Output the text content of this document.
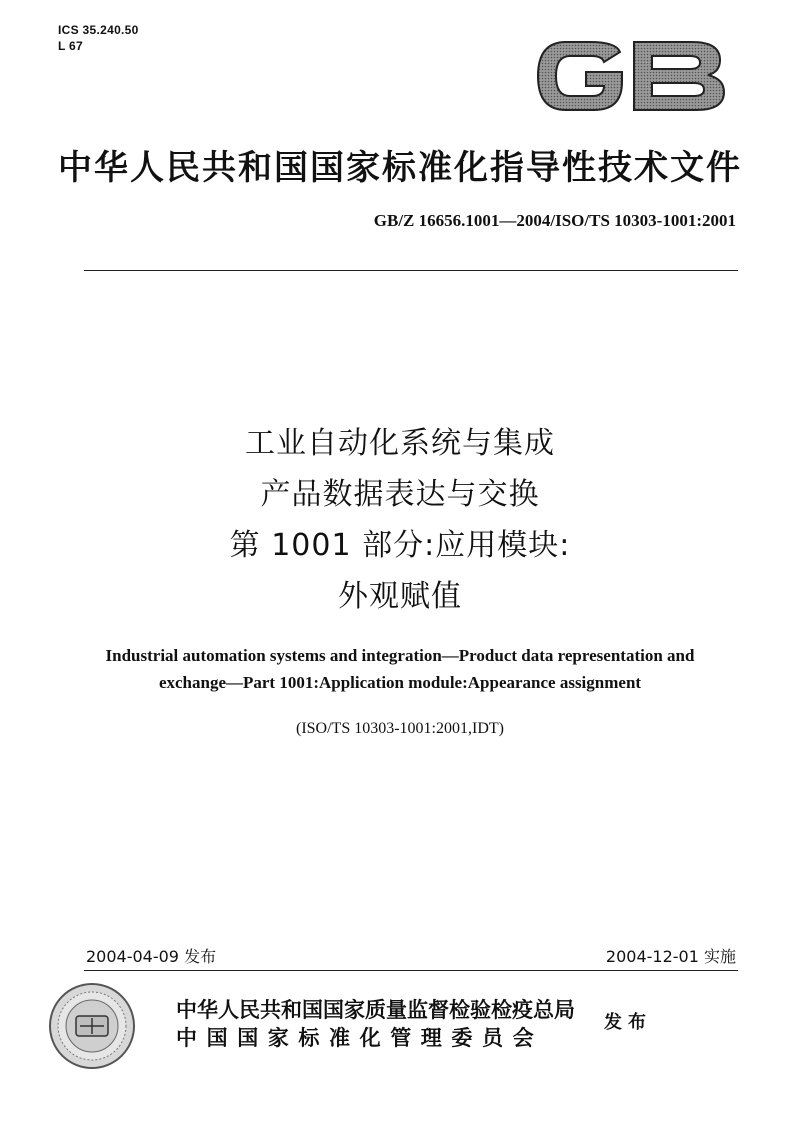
ICS 35.240.50
L 67
中华人民共和国国家标准化指导性技术文件
GB/Z 16656.1001—2004/ISO/TS 10303-1001:2001
工业自动化系统与集成
产品数据表达与交换
第 1001 部分:应用模块:
外观赋值
Industrial automation systems and integration—Product data representation and
exchange—Part 1001:Application module:Appearance assignment
(ISO/TS 10303-1001:2001,IDT)
2004-04-09 发布	2004-12-01 实施
中华人民共和国国家质量监督检验检疫总局
中国国家标准化管理委员会
发布
